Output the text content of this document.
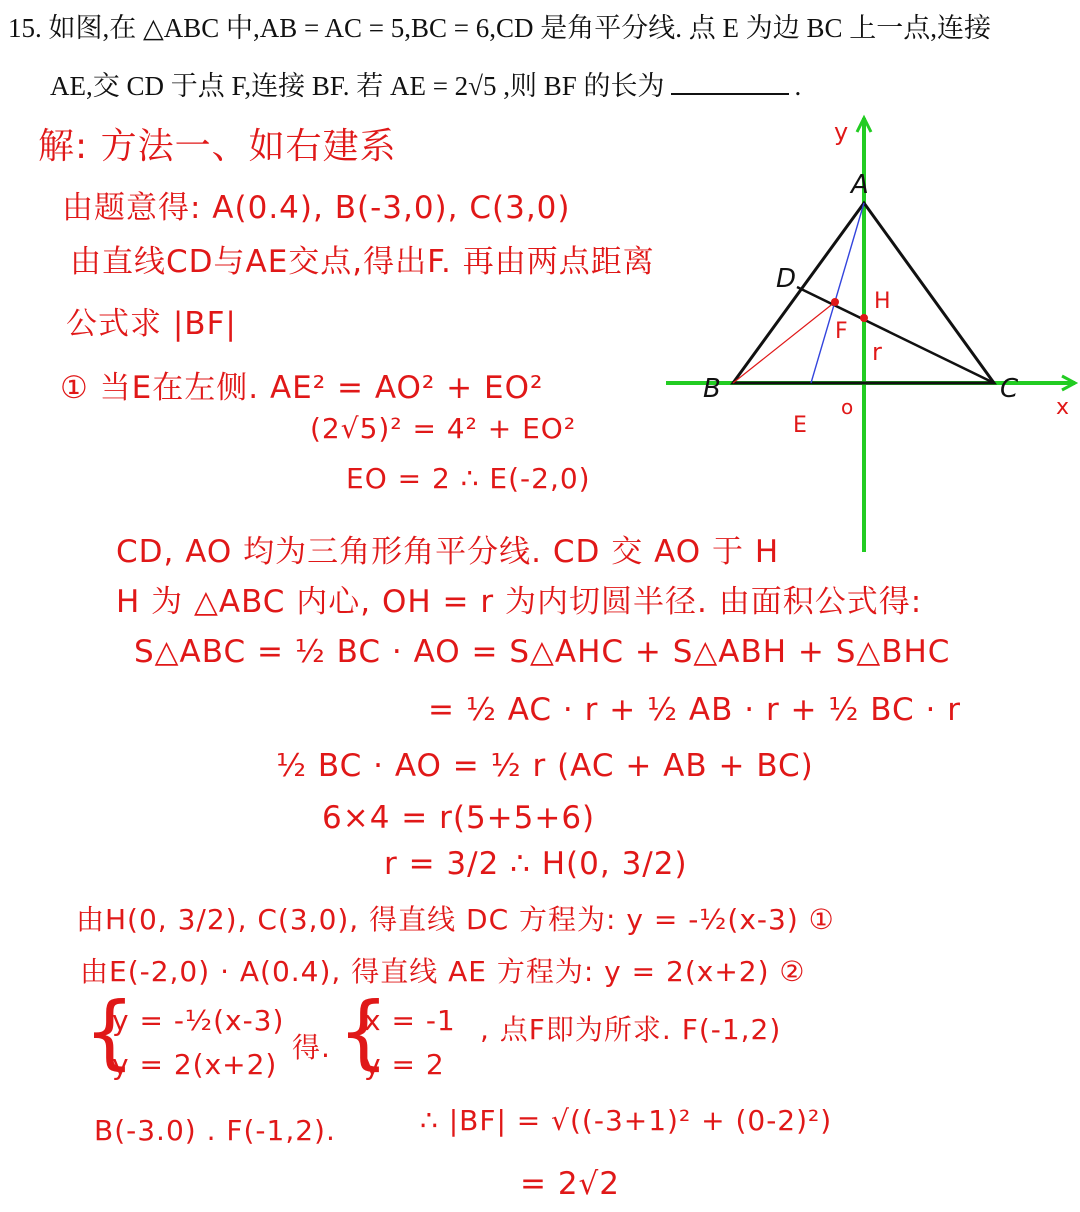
15. 如图,在 △ABC 中,AB = AC = 5,BC = 6,CD 是角平分线. 点 E 为边 BC 上一点,连接
AE,交 CD 于点 F,连接 BF. 若 AE = 2√5 ,则 BF 的长为	.
y
A
D
H
F
r
B	C
x
E
o
解: 方法一、如右建系
由题意得: A(0.4), B(-3,0), C(3,0)
由直线CD与AE交点,得出F. 再由两点距离
公式求 |BF|
① 当E在左侧. AE² = AO² + EO²
(2√5)² = 4² + EO²
EO = 2 ∴ E(-2,0)
CD, AO 均为三角形角平分线. CD 交 AO 于 H
H 为 △ABC 内心, OH = r 为内切圆半径. 由面积公式得:
S△ABC = ½ BC · AO = S△AHC + S△ABH + S△BHC
= ½ AC · r + ½ AB · r + ½ BC · r
½ BC · AO = ½ r (AC + AB + BC)
6×4 = r(5+5+6)
r = 3/2 ∴ H(0, 3/2)
由H(0, 3/2), C(3,0), 得直线 DC 方程为: y = -½(x-3) ①
由E(-2,0) · A(0.4), 得直线 AE 方程为: y = 2(x+2) ②
{
y = -½(x-3)
y = 2(x+2)
得. {
x = -1
y = 2
, 点F即为所求. F(-1,2)
B(-3.0) . F(-1,2).	∴ |BF| = √((-3+1)² + (0-2)²)
= 2√2
